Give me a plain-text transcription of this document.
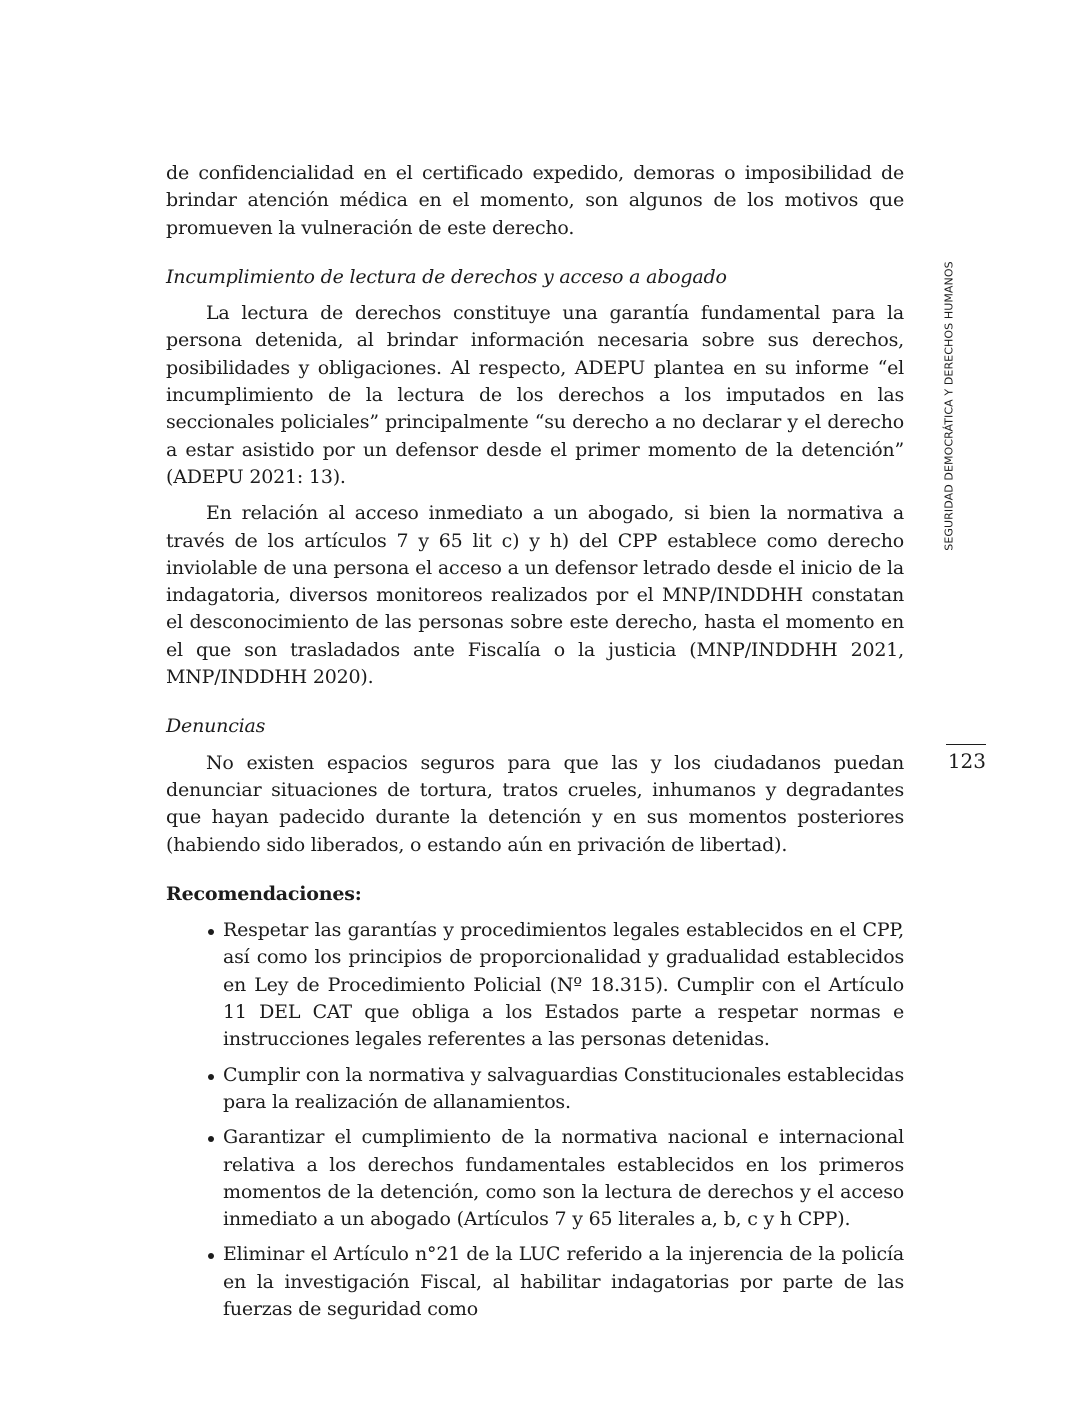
de confidencialidad en el certificado expedido, demoras o imposibilidad de brindar atención médica en el momento, son algunos de los motivos que promueven la vulneración de este derecho.

Incumplimiento de lectura de derechos y acceso a abogado

La lectura de derechos constituye una garantía fundamental para la persona detenida, al brindar información necesaria sobre sus derechos, posibilidades y obligaciones. Al respecto, ADEPU plantea en su informe “el incumplimiento de la lectura de los derechos a los imputados en las seccionales policiales” principalmente “su derecho a no declarar y el derecho a estar asistido por un defensor desde el primer momento de la detención” (ADEPU 2021: 13).

En relación al acceso inmediato a un abogado, si bien la normativa a través de los artículos 7 y 65 lit c) y h) del CPP establece como derecho inviolable de una persona el acceso a un defensor letrado desde el inicio de la indagatoria, diversos monitoreos realizados por el MNP/INDDHH constatan el desconocimiento de las personas sobre este derecho, hasta el momento en el que son trasladados ante Fiscalía o la justicia (MNP/INDDHH 2021, MNP/INDDHH 2020).

Denuncias

No existen espacios seguros para que las y los ciudadanos puedan denunciar situaciones de tortura, tratos crueles, inhumanos y degradantes que hayan padecido durante la detención y en sus momentos posteriores (habiendo sido liberados, o estando aún en privación de libertad).

Recomendaciones:

Respetar las garantías y procedimientos legales establecidos en el CPP, así como los principios de proporcionalidad y gradualidad establecidos en Ley de Procedimiento Policial (Nº 18.315). Cumplir con el Artículo 11 DEL CAT que obliga a los Estados parte a respetar normas e instrucciones legales referentes a las personas detenidas.
Cumplir con la normativa y salvaguardias Constitucionales establecidas para la realización de allanamientos.
Garantizar el cumplimiento de la normativa nacional e internacional relativa a los derechos fundamentales establecidos en los primeros momentos de la detención, como son la lectura de derechos y el acceso inmediato a un abogado (Artículos 7 y 65 literales a, b, c y h CPP).
Eliminar el Artículo n°21 de la LUC referido a la injerencia de la policía en la investigación Fiscal, al habilitar indagatorias por parte de las fuerzas de seguridad como
SEGURIDAD DEMOCRÁTICA Y DERECHOS HUMANOS
123
